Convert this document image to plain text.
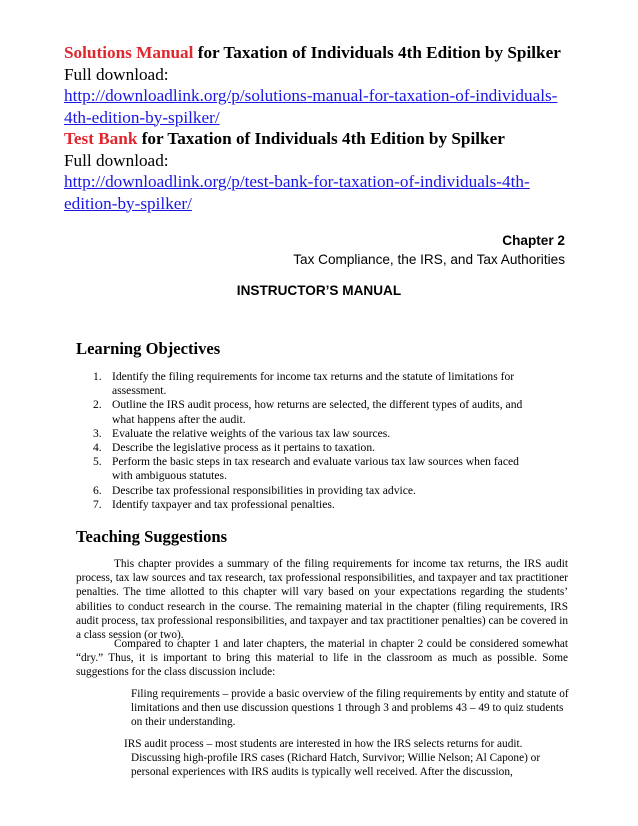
Solutions Manual for Taxation of Individuals 4th Edition by Spilker
Full download:
http://downloadlink.org/p/solutions-manual-for-taxation-of-individuals-
4th-edition-by-spilker/
Test Bank for Taxation of Individuals 4th Edition by Spilker
Full download:
http://downloadlink.org/p/test-bank-for-taxation-of-individuals-4th-
edition-by-spilker/
Chapter 2
Tax Compliance, the IRS, and Tax Authorities
INSTRUCTOR’S MANUAL
Learning Objectives
1. Identify the filing requirements for income tax returns and the statute of limitations for
assessment.
2. Outline the IRS audit process, how returns are selected, the different types of audits, and
what happens after the audit.
3. Evaluate the relative weights of the various tax law sources.
4. Describe the legislative process as it pertains to taxation.
5. Perform the basic steps in tax research and evaluate various tax law sources when faced
with ambiguous statutes.
6. Describe tax professional responsibilities in providing tax advice.
7. Identify taxpayer and tax professional penalties.
Teaching Suggestions
This chapter provides a summary of the filing requirements for income tax returns, the IRS audit process, tax law sources and tax research, tax professional responsibilities, and taxpayer and tax practitioner penalties. The time allotted to this chapter will vary based on your expectations regarding the students’ abilities to conduct research in the course. The remaining material in the chapter (filing requirements, IRS audit process, tax professional responsibilities, and taxpayer and tax practitioner penalties) can be covered in a class session (or two).
Compared to chapter 1 and later chapters, the material in chapter 2 could be considered somewhat “dry.” Thus, it is important to bring this material to life in the classroom as much as possible. Some suggestions for the class discussion include:
Filing requirements – provide a basic overview of the filing requirements by entity and statute of limitations and then use discussion questions 1 through 3 and problems 43 – 49 to quiz students on their understanding.
IRS audit process – most students are interested in how the IRS selects returns for audit.
Discussing high-profile IRS cases (Richard Hatch, Survivor; Willie Nelson; Al Capone) or personal experiences with IRS audits is typically well received. After the discussion,
